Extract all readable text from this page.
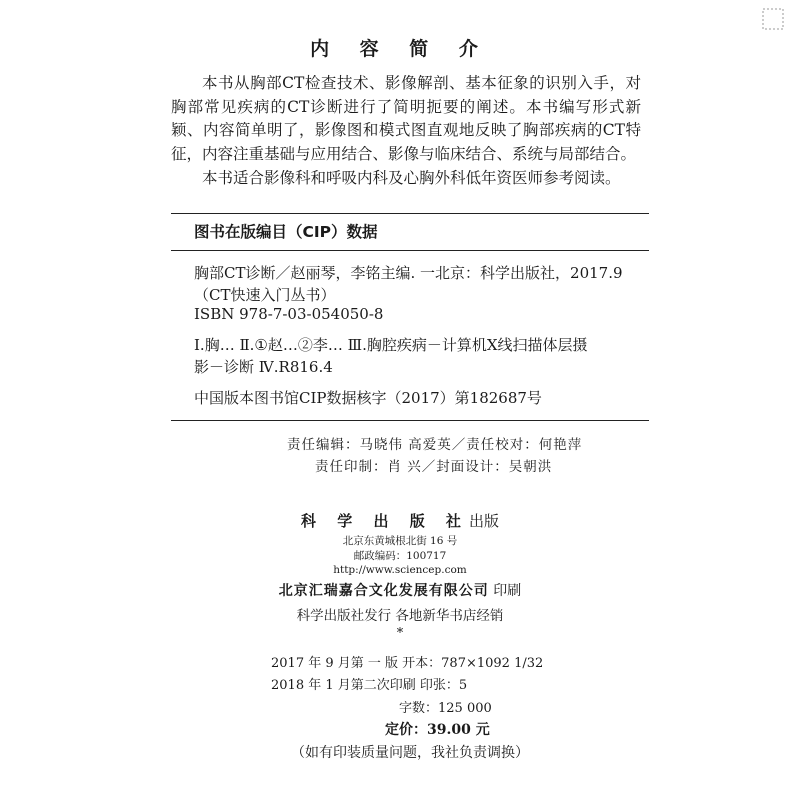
内 容 简 介
本书从胸部CT检查技术、影像解剖、基本征象的识别入手，对胸部常见疾病的CT诊断进行了简明扼要的阐述。本书编写形式新颖、内容简单明了，影像图和模式图直观地反映了胸部疾病的CT特征，内容注重基础与应用结合、影像与临床结合、系统与局部结合。
本书适合影像科和呼吸内科及心胸外科低年资医师参考阅读。
图书在版编目（CIP）数据
胸部CT诊断／赵丽琴，李铭主编. 一北京：科学出版社，2017.9
（CT快速入门丛书）
ISBN 978-7-03-054050-8
Ⅰ.胸… Ⅱ.①赵…②李… Ⅲ.胸腔疾病－计算机X线扫描体层摄
影－诊断 Ⅳ.R816.4
中国版本图书馆CIP数据核字（2017）第182687号
责任编辑：马晓伟 高爱英／责任校对：何艳萍
责任印制：肖 兴／封面设计：吴朝洪
科 学 出 版 社出版
北京东黄城根北街 16 号
邮政编码：100717
http://www.sciencep.com
北京汇瑞嘉合文化发展有限公司 印刷
科学出版社发行 各地新华书店经销
*
2017 年 9 月第 一 版 开本：787×1092 1/32
2018 年 1 月第二次印刷 印张：5
字数：125 000
定价：39.00 元
（如有印装质量问题，我社负责调换）
